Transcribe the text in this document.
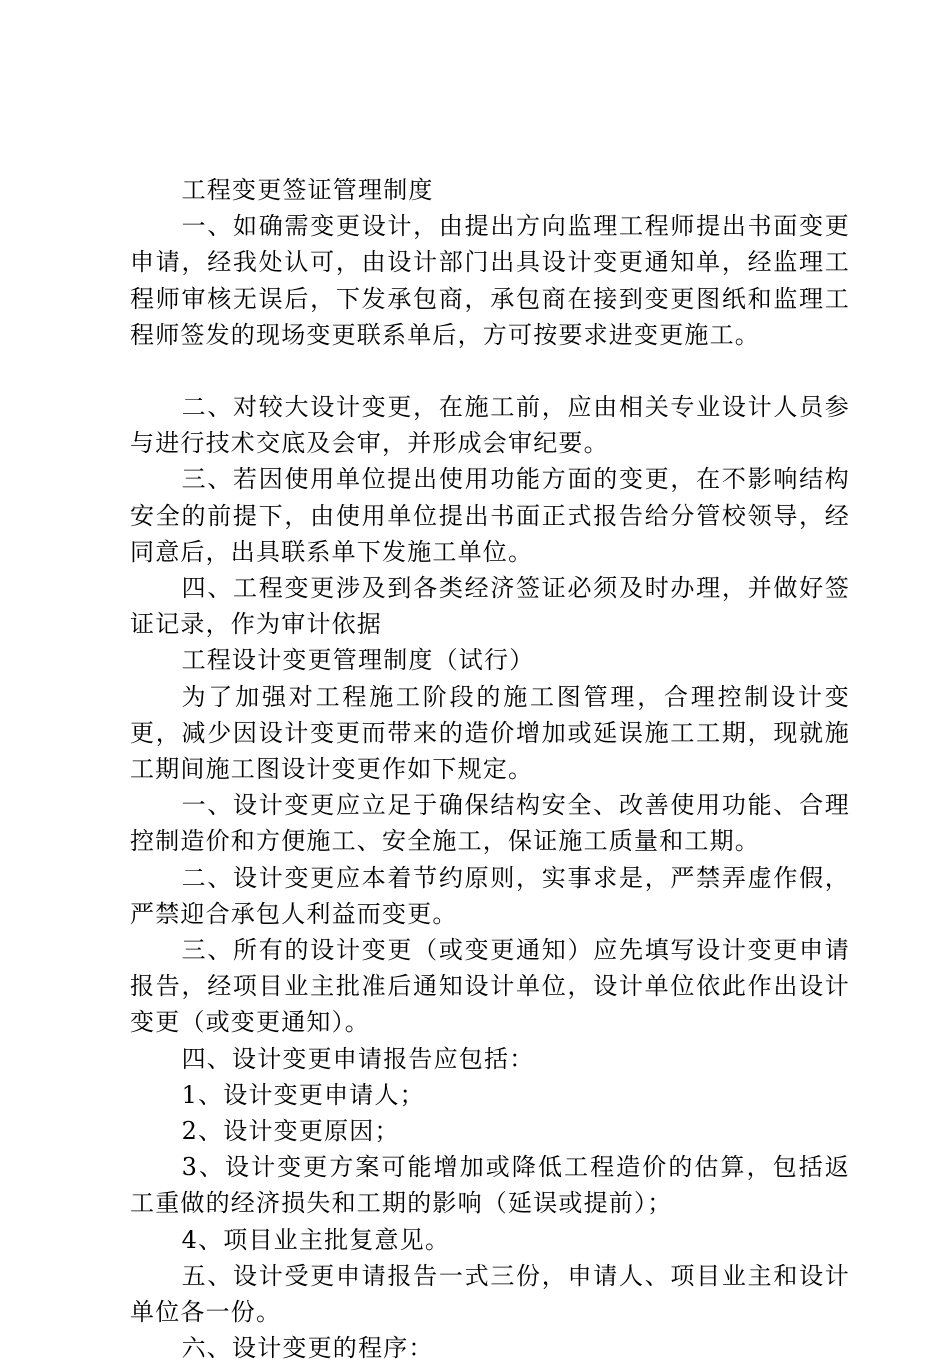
工程变更签证管理制度

一、如确需变更设计，由提出方向监理工程师提出书面变更申请，经我处认可，由设计部门出具设计变更通知单，经监理工程师审核无误后，下发承包商，承包商在接到变更图纸和监理工程师签发的现场变更联系单后，方可按要求进变更施工。

二、对较大设计变更，在施工前，应由相关专业设计人员参与进行技术交底及会审，并形成会审纪要。

三、若因使用单位提出使用功能方面的变更，在不影响结构安全的前提下，由使用单位提出书面正式报告给分管校领导，经同意后，出具联系单下发施工单位。

四、工程变更涉及到各类经济签证必须及时办理，并做好签证记录，作为审计依据

工程设计变更管理制度（试行）

为了加强对工程施工阶段的施工图管理，合理控制设计变更，减少因设计变更而带来的造价增加或延误施工工期，现就施工期间施工图设计变更作如下规定。

一、设计变更应立足于确保结构安全、改善使用功能、合理控制造价和方便施工、安全施工，保证施工质量和工期。

二、设计变更应本着节约原则，实事求是，严禁弄虚作假，严禁迎合承包人利益而变更。

三、所有的设计变更（或变更通知）应先填写设计变更申请报告，经项目业主批准后通知设计单位，设计单位依此作出设计变更（或变更通知）。

四、设计变更申请报告应包括：

1、设计变更申请人；

2、设计变更原因；

3、设计变更方案可能增加或降低工程造价的估算，包括返工重做的经济损失和工期的影响（延误或提前）；

4、项目业主批复意见。

五、设计受更申请报告一式三份，申请人、项目业主和设计单位各一份。

六、设计变更的程序：
